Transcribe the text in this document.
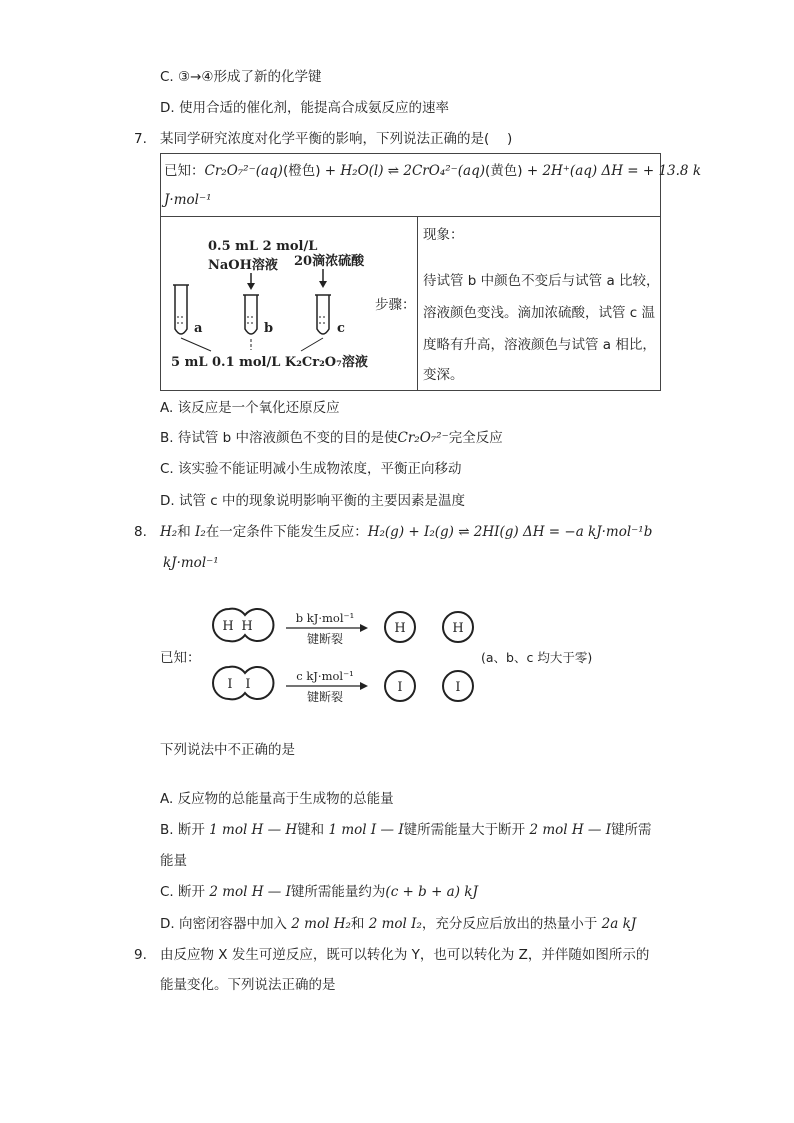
C. ③→④形成了新的化学键
D. 使用合适的催化剂，能提高合成氨反应的速率
7. 某同学研究浓度对化学平衡的影响，下列说法正确的是(　 )
已知：Cr₂O₇²⁻(aq)(橙色) + H₂O(l) ⇌ 2CrO₄²⁻(aq)(黄色) + 2H⁺(aq) ΔH = + 13.8 k
J·mol⁻¹

0.5 mL 2 mol/L
NaOH溶液 20滴浓硫酸
a	b	c
5 mL 0.1 mol/L K₂Cr₂O₇溶液
步骤：

现象：
待试管 b 中颜色不变后与试管 a 比较，
溶液颜色变浅。滴加浓硫酸，试管 c 温
度略有升高，溶液颜色与试管 a 相比，
变深。
A. 该反应是一个氧化还原反应
B. 待试管 b 中溶液颜色不变的目的是使Cr₂O₇²⁻完全反应
C. 该实验不能证明减小生成物浓度，平衡正向移动
D. 试管 c 中的现象说明影响平衡的主要因素是温度
8. H₂和 I₂在一定条件下能发生反应：H₂(g) + I₂(g) ⇌ 2HI(g) ΔH = −a kJ·mol⁻¹b
kJ·mol⁻¹
已知：
H H
b kJ·mol⁻¹
键断裂
H	H
I I
c kJ·mol⁻¹
键断裂
I	I
(a、b、c 均大于零)
下列说法中不正确的是
A. 反应物的总能量高于生成物的总能量
B. 断开 1 mol H — H键和 1 mol I — I键所需能量大于断开 2 mol H — I键所需
能量
C. 断开 2 mol H — I键所需能量约为(c + b + a) kJ
D. 向密闭容器中加入 2 mol H₂和 2 mol I₂，充分反应后放出的热量小于 2a kJ
9. 由反应物 X 发生可逆反应，既可以转化为 Y，也可以转化为 Z，并伴随如图所示的
能量变化。下列说法正确的是
